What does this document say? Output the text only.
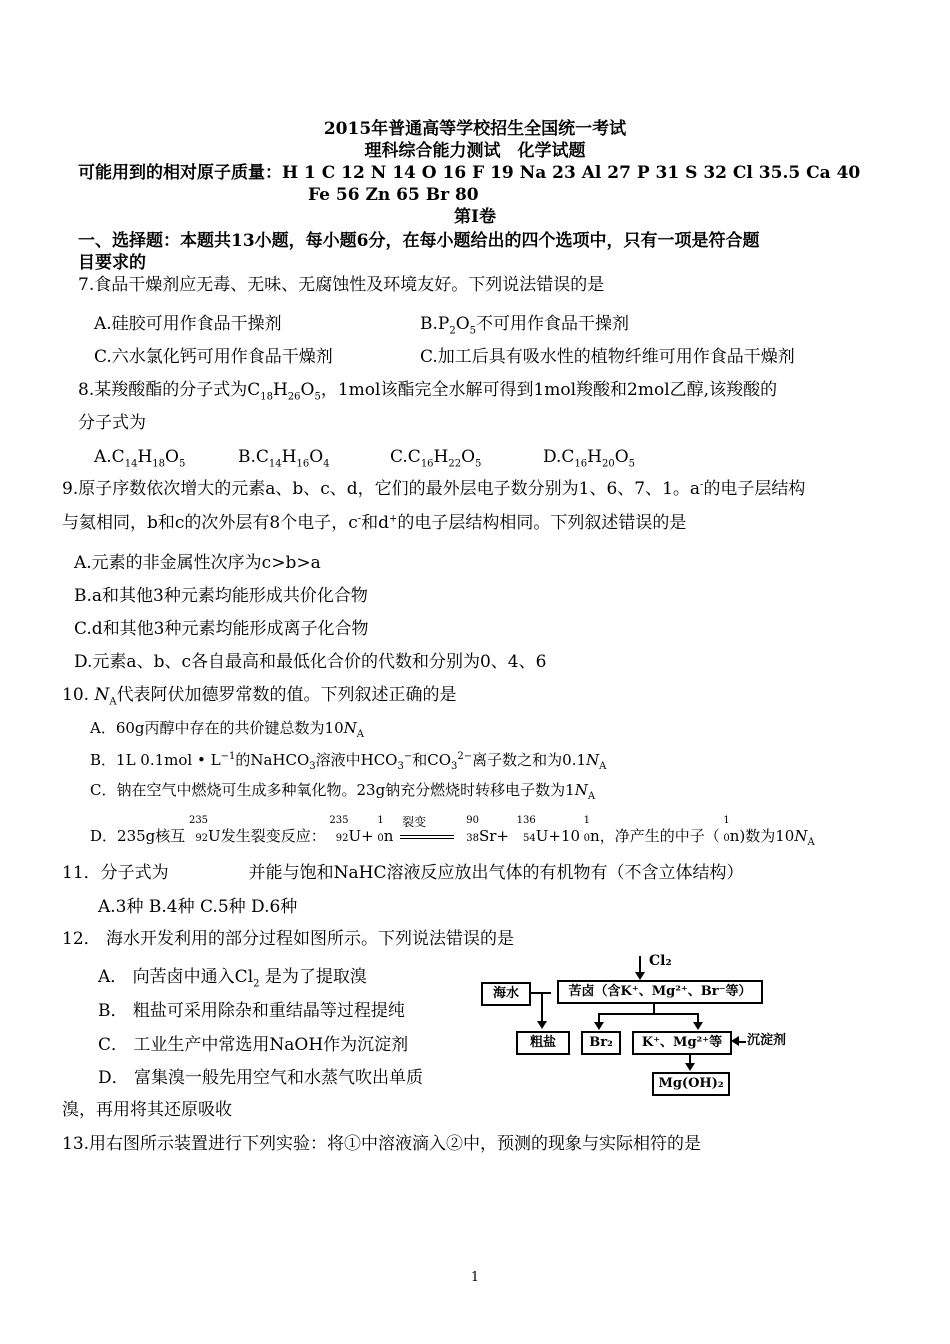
2015年普通高等学校招生全国统一考试
理科综合能力测试　化学试题
可能用到的相对原子质量：H 1 C 12 N 14 O 16 F 19 Na 23 Al 27 P 31 S 32 Cl 35.5 Ca 40
Fe 56 Zn 65 Br 80
第Ⅰ卷
一、选择题：本题共13小题，每小题6分，在每小题给出的四个选项中，只有一项是符合题
目要求的
7.食品干燥剂应无毒、无味、无腐蚀性及环境友好。下列说法错误的是
A.硅胶可用作食品干操剂	$B.P_2O_5$不可用作食品干操剂
C.六水氯化钙可用作食品干燥剂	C.加工后具有吸水性的植物纤维可用作食品干燥剂
8.某羧酸酯的分子式为$C_{18}H_{26}O_5$，1mol该酯完全水解可得到1mol羧酸和2mol乙醇,该羧酸的
分子式为
$A.C_{14}H_{18}O_5$	$B.C_{14}H_{16}O_4$	$C.C_{16}H_{22}O_5$	$D.C_{16}H_{20}O_5$
9.原子序数依次增大的元素a、b、c、d，它们的最外层电子数分别为1、6、7、1。a-的电子层结构
与氦相同，b和c的次外层有8个电子，c-和d+的电子层结构相同。下列叙述错误的是
A.元素的非金属性次序为c>b>a
B.a和其他3种元素均能形成共价化合物
C.d和其他3种元素均能形成离子化合物
D.元素a、b、c各自最高和最低化合价的代数和分别为0、4、6
10. $N_A$代表阿伏加德罗常数的值。下列叙述正确的是
A．60g丙醇中存在的共价键总数为$10N_A$
B．1L 0.1mol • $L^{-1}$的NaHCO$_3$溶液中$HCO_3^-$和$CO_3^{2-}$离子数之和为$0.1N_A$
C．钠在空气中燃烧可生成多种氧化物。23g钠充分燃烧时转移电子数为$1N_A$
D．235g核互
235
92 U发生裂变反应：
235
92 U+
1
0 n
裂变
	90
38 Sr+
136
54 U+10
1
0 n，净产生的中子（
1
0 n)数为$10N_A$
11．分子式为	并能与饱和NaHC溶液反应放出气体的有机物有（不含立体结构）
A.3种 B.4种 C.5种 D.6种
12． 海水开发利用的部分过程如图所示。下列说法错误的是
A． 向苦卤中通入$Cl_2$ 是为了提取溴
B． 粗盐可采用除杂和重结晶等过程提纯
C． 工业生产中常选用NaOH作为沉淀剂
D． 富集溴一般先用空气和水蒸气吹出单质
溴，再用将其还原吸收
Cl₂
海水	苦卤（含K⁺、Mg²⁺、Br⁻等）
粗盐	Br₂	K⁺、Mg²⁺等	沉淀剂
Mg(OH)₂
13.用右图所示装置进行下列实验：将①中溶液滴入②中，预测的现象与实际相符的是
1
